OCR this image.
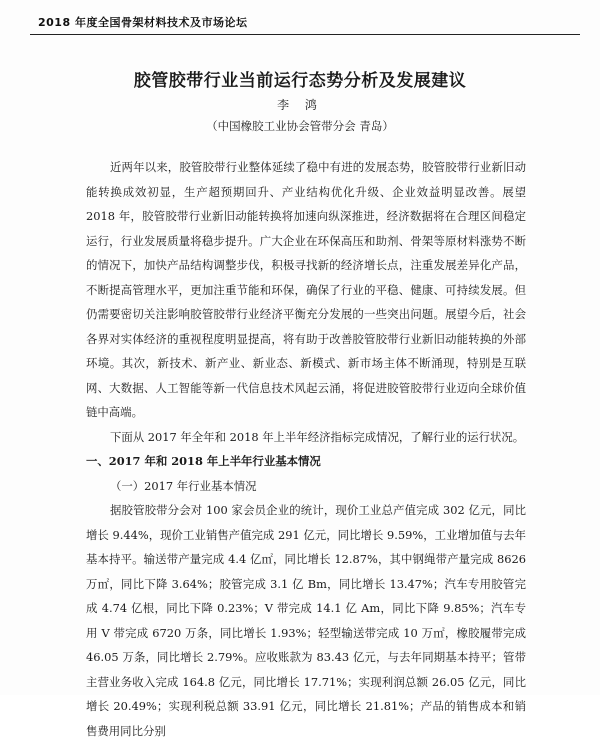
2018 年度全国骨架材料技术及市场论坛
胶管胶带行业当前运行态势分析及发展建议
李 鸿
（中国橡胶工业协会管带分会 青岛）

近两年以来，胶管胶带行业整体延续了稳中有进的发展态势，胶管胶带行业新旧动能转换成效初显，生产超预期回升、产业结构优化升级、企业效益明显改善。展望 2018 年，胶管胶带行业新旧动能转换将加速向纵深推进，经济数据将在合理区间稳定运行，行业发展质量将稳步提升。广大企业在环保高压和助剂、骨架等原材料涨势不断的情况下，加快产品结构调整步伐，积极寻找新的经济增长点，注重发展差异化产品，不断提高管理水平，更加注重节能和环保，确保了行业的平稳、健康、可持续发展。但仍需要密切关注影响胶管胶带行业经济平衡充分发展的一些突出问题。展望今后，社会各界对实体经济的重视程度明显提高，将有助于改善胶管胶带行业新旧动能转换的外部环境。其次，新技术、新产业、新业态、新模式、新市场主体不断涌现，特别是互联网、大数据、人工智能等新一代信息技术风起云涌，将促进胶管胶带行业迈向全球价值链中高端。

下面从 2017 年全年和 2018 年上半年经济指标完成情况，了解行业的运行状况。

一、2017 年和 2018 年上半年行业基本情况

（一）2017 年行业基本情况

据胶管胶带分会对 100 家会员企业的统计，现价工业总产值完成 302 亿元，同比增长 9.44%，现价工业销售产值完成 291 亿元，同比增长 9.59%，工业增加值与去年基本持平。输送带产量完成 4.4 亿㎡，同比增长 12.87%，其中钢绳带产量完成 8626 万㎡，同比下降 3.64%；胶管完成 3.1 亿 Bm，同比增长 13.47%；汽车专用胶管完成 4.74 亿根，同比下降 0.23%；V 带完成 14.1 亿 Am，同比下降 9.85%；汽车专用 V 带完成 6720 万条，同比增长 1.93%；轻型输送带完成 10 万㎡，橡胶履带完成 46.05 万条，同比增长 2.79%。应收账款为 83.43 亿元，与去年同期基本持平；管带主营业务收入完成 164.8 亿元，同比增长 17.71%；实现利润总额 26.05 亿元，同比增长 20.49%；实现利税总额 33.91 亿元，同比增长 21.81%；产品的销售成本和销售费用同比分别
